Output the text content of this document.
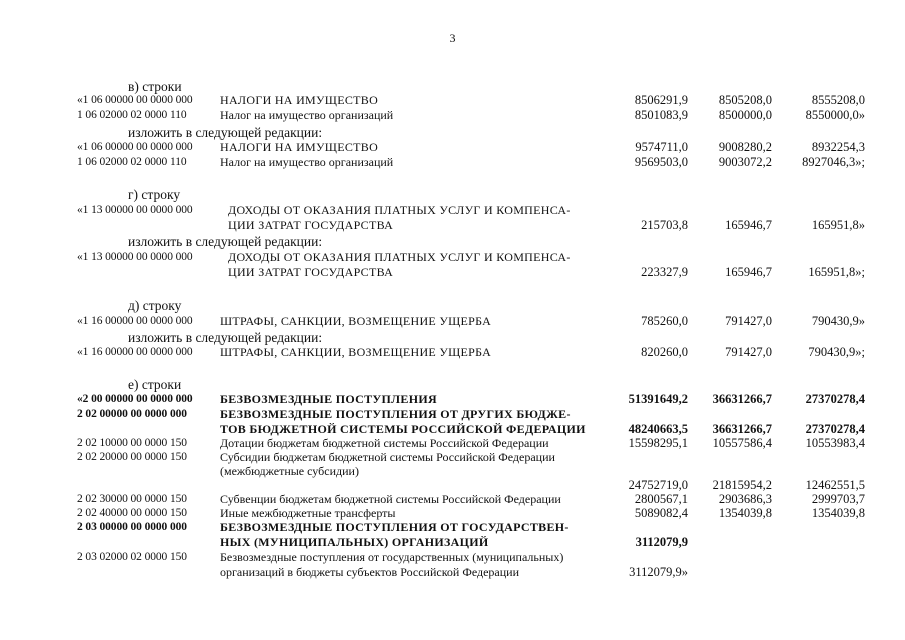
3
в) строки
«1 06 00000 00 0000 000	НАЛОГИ НА ИМУЩЕСТВО	8506291,9 8505208,0	8555208,0
1 06 02000 02 0000 110	Налог на имущество организаций	8501083,9 8500000,0	8550000,0»
изложить в следующей редакции:
«1 06 00000 00 0000 000	НАЛОГИ НА ИМУЩЕСТВО	9574711,0 9008280,2	8932254,3
1 06 02000 02 0000 110	Налог на имущество организаций	9569503,0 9003072,2 8927046,3»;
г) строку
«1 13 00000 00 0000 000	ДОХОДЫ ОТ ОКАЗАНИЯ ПЛАТНЫХ УСЛУГ И КОМПЕНСА-
ЦИИ ЗАТРАТ ГОСУДАРСТВА	215703,8	165946,7	165951,8»
изложить в следующей редакции:
«1 13 00000 00 0000 000	ДОХОДЫ ОТ ОКАЗАНИЯ ПЛАТНЫХ УСЛУГ И КОМПЕНСА-
ЦИИ ЗАТРАТ ГОСУДАРСТВА	223327,9	165946,7	165951,8»;
д) строку
«1 16 00000 00 0000 000	ШТРАФЫ, САНКЦИИ, ВОЗМЕЩЕНИЕ УЩЕРБА	785260,0	791427,0	790430,9»
изложить в следующей редакции:
«1 16 00000 00 0000 000	ШТРАФЫ, САНКЦИИ, ВОЗМЕЩЕНИЕ УЩЕРБА	820260,0	791427,0	790430,9»;
е) строки
«2 00 00000 00 0000 000	БЕЗВОЗМЕЗДНЫЕ ПОСТУПЛЕНИЯ	51391649,2 36631266,7	27370278,4
2 02 00000 00 0000 000	БЕЗВОЗМЕЗДНЫЕ ПОСТУПЛЕНИЯ ОТ ДРУГИХ БЮДЖЕ-
ТОВ БЮДЖЕТНОЙ СИСТЕМЫ РОССИЙСКОЙ ФЕДЕРАЦИИ	48240663,5 36631266,7	27370278,4
2 02 10000 00 0000 150	Дотации бюджетам бюджетной системы Российской Федерации	15598295,1 10557586,4	10553983,4
2 02 20000 00 0000 150	Субсидии бюджетам бюджетной системы Российской Федерации
(межбюджетные субсидии)
24752719,0 21815954,2	12462551,5
2 02 30000 00 0000 150	Субвенции бюджетам бюджетной системы Российской Федерации	2800567,1 2903686,3	2999703,7
2 02 40000 00 0000 150	Иные межбюджетные трансферты	5089082,4 1354039,8	1354039,8
2 03 00000 00 0000 000	БЕЗВОЗМЕЗДНЫЕ ПОСТУПЛЕНИЯ ОТ ГОСУДАРСТВЕН-
НЫХ (МУНИЦИПАЛЬНЫХ) ОРГАНИЗАЦИЙ	3112079,9
2 03 02000 02 0000 150	Безвозмездные поступления от государственных (муниципальных)
организаций в бюджеты субъектов Российской Федерации	3112079,9»
